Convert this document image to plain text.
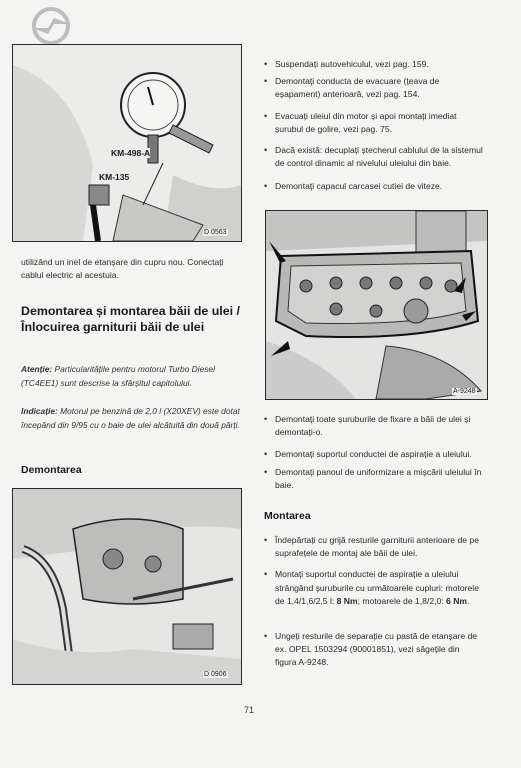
KM-498-A
KM-135
D 0563
utilizând un inel de etanșare din cupru nou. Conectați cablul electric al acestuia.
Demontarea și montarea băii de ulei / Înlocuirea garniturii băii de ulei
Atenție: Particularitățile pentru motorul Turbo Diesel (TC4EE1) sunt descrise la sfârșitul capitolului.
Indicație: Motorul pe benzină de 2,0 l (X20XEV) este dotat începând din 9/95 cu o baie de ulei alcătuită din două părți.
Demontarea
D 0906
• Suspendați autovehiculul, vezi pag. 159.
• Demontați conducta de evacuare (țeava de eșapament) anterioară, vezi pag. 154.
• Evacuați uleiul din motor și apoi montați imediat șurubul de golire, vezi pag. 75.
• Dacă există: decuplați ștecherul cablului de la sistemul de control dinamic al nivelului uleiului din baie.
• Demontați capacul carcasei cutiei de viteze.
A-9248
• Demontați toate șuruburile de fixare a băii de ulei și demontați-o.
• Demontați suportul conductei de aspirație a uleiului.
• Demontați panoul de uniformizare a mișcării uleiului în baie.
Montarea
• Îndepărtați cu grijă resturile garniturii anterioare de pe suprafețele de montaj ale băii de ulei.
• Montați suportul conductei de aspirație a uleiului strângând șuruburile cu următoarele cupluri: motorele de 1,4/1,6/2,5 l: 8 Nm; motoarele de 1,8/2,0: 6 Nm.
• Ungeți resturile de separație cu pastă de etanșare de ex. OPEL 1503294 (90001851), vezi săgețile din figura A-9248.
71
